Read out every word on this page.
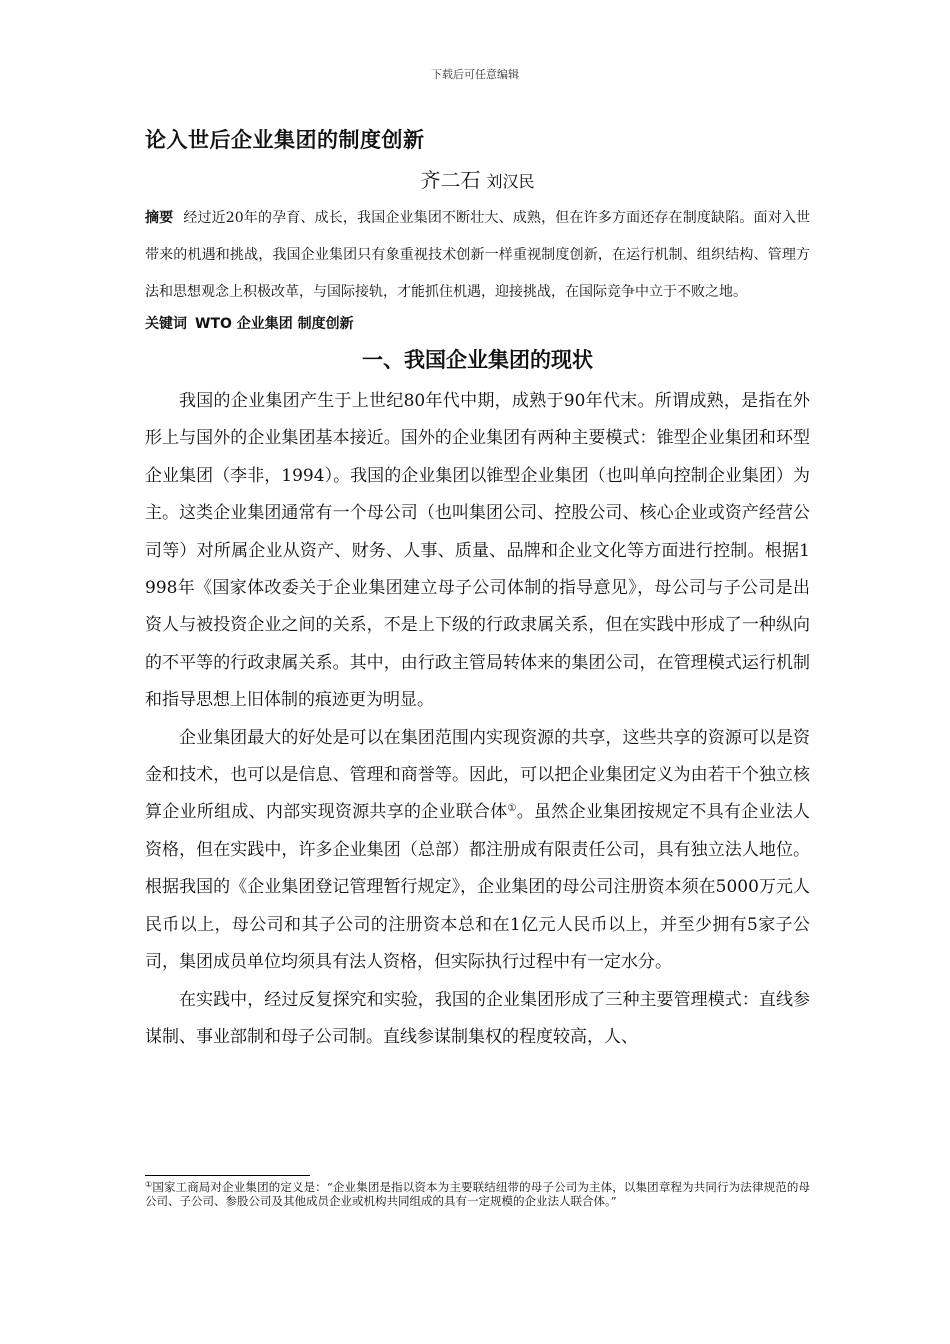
下载后可任意编辑
论入世后企业集团的制度创新
齐二石 刘汉民

摘要 经过近20年的孕育、成长，我国企业集团不断壮大、成熟，但在许多方面还存在制度缺陷。面对入世带来的机遇和挑战，我国企业集团只有象重视技术创新一样重视制度创新，在运行机制、组织结构、管理方法和思想观念上积极改革，与国际接轨，才能抓住机遇，迎接挑战，在国际竞争中立于不败之地。

关键词 WTO 企业集团 制度创新

一、我国企业集团的现状

我国的企业集团产生于上世纪80年代中期，成熟于90年代末。所谓成熟，是指在外形上与国外的企业集团基本接近。国外的企业集团有两种主要模式：锥型企业集团和环型企业集团（李非，1994）。我国的企业集团以锥型企业集团（也叫单向控制企业集团）为主。这类企业集团通常有一个母公司（也叫集团公司、控股公司、核心企业或资产经营公司等）对所属企业从资产、财务、人事、质量、品牌和企业文化等方面进行控制。根据1998年《国家体改委关于企业集团建立母子公司体制的指导意见》，母公司与子公司是出资人与被投资企业之间的关系，不是上下级的行政隶属关系，但在实践中形成了一种纵向的不平等的行政隶属关系。其中，由行政主管局转体来的集团公司，在管理模式运行机制和指导思想上旧体制的痕迹更为明显。

企业集团最大的好处是可以在集团范围内实现资源的共享，这些共享的资源可以是资金和技术，也可以是信息、管理和商誉等。因此，可以把企业集团定义为由若干个独立核算企业所组成、内部实现资源共享的企业联合体①。虽然企业集团按规定不具有企业法人资格，但在实践中，许多企业集团（总部）都注册成有限责任公司，具有独立法人地位。根据我国的《企业集团登记管理暂行规定》，企业集团的母公司注册资本须在5000万元人民币以上，母公司和其子公司的注册资本总和在1亿元人民币以上，并至少拥有5家子公司，集团成员单位均须具有法人资格，但实际执行过程中有一定水分。

在实践中，经过反复探究和实验，我国的企业集团形成了三种主要管理模式：直线参谋制、事业部制和母子公司制。直线参谋制集权的程度较高，人、

①国家工商局对企业集团的定义是：“企业集团是指以资本为主要联结纽带的母子公司为主体，以集团章程为共同行为法律规范的母公司、子公司、参股公司及其他成员企业或机构共同组成的具有一定规模的企业法人联合体。”
